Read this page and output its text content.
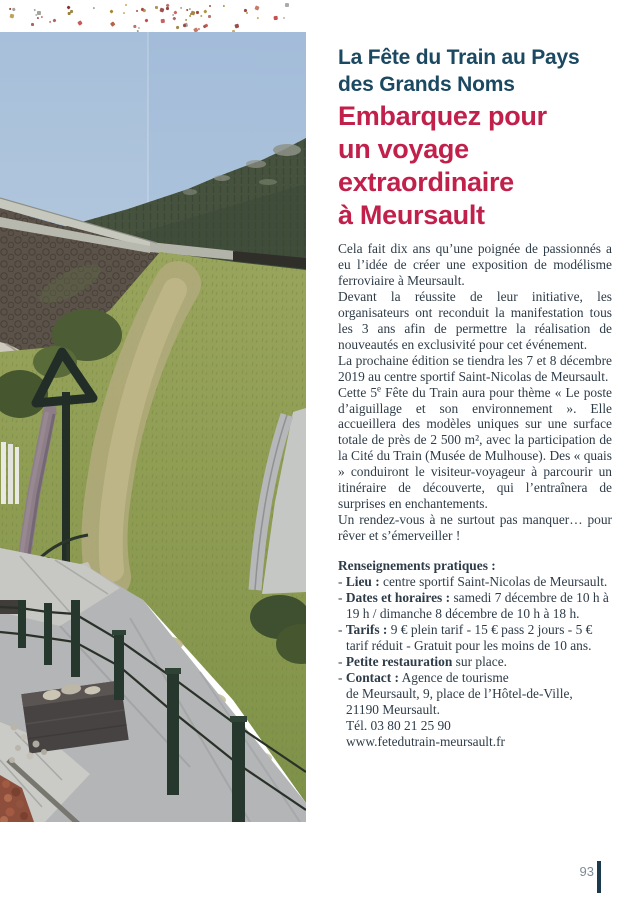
La Fête du Train au Pays
des Grands Noms
Embarquez pour
un voyage
extraordinaire
à Meursault

Cela fait dix ans qu’une poignée de passionnés a eu l’idée de créer une exposition de modélisme ferroviaire à Meursault.

Devant la réussite de leur initiative, les organisateurs ont reconduit la manifestation tous les 3 ans afin de permettre la réalisation de nouveautés en exclusivité pour cet événement.

La prochaine édition se tiendra les 7 et 8 décembre 2019 au centre sportif Saint-Nicolas de Meursault.

Cette 5e Fête du Train aura pour thème « Le poste d’aiguillage et son environnement ». Elle accueillera des modèles uniques sur une surface totale de près de 2 500 m², avec la participation de la Cité du Train (Musée de Mulhouse). Des « quais » conduiront le visiteur-voyageur à parcourir un itinéraire de découverte, qui l’entraînera de surprises en enchantements.

Un rendez-vous à ne surtout pas manquer… pour rêver et s’émerveiller !

Renseignements pratiques :
- Lieu : centre sportif Saint-Nicolas de Meursault.
- Dates et horaires : samedi 7 décembre de 10 h à 19 h / dimanche 8 décembre de 10 h à 18 h.
- Tarifs : 9 € plein tarif - 15 € pass 2 jours - 5 € tarif réduit - Gratuit pour les moins de 10 ans.
- Petite restauration sur place.
- Contact : Agence de tourisme
de Meursault, 9, place de l’Hôtel-de-Ville,
21190 Meursault.
Tél. 03 80 21 25 90
www.fetedutrain-meursault.fr
93
